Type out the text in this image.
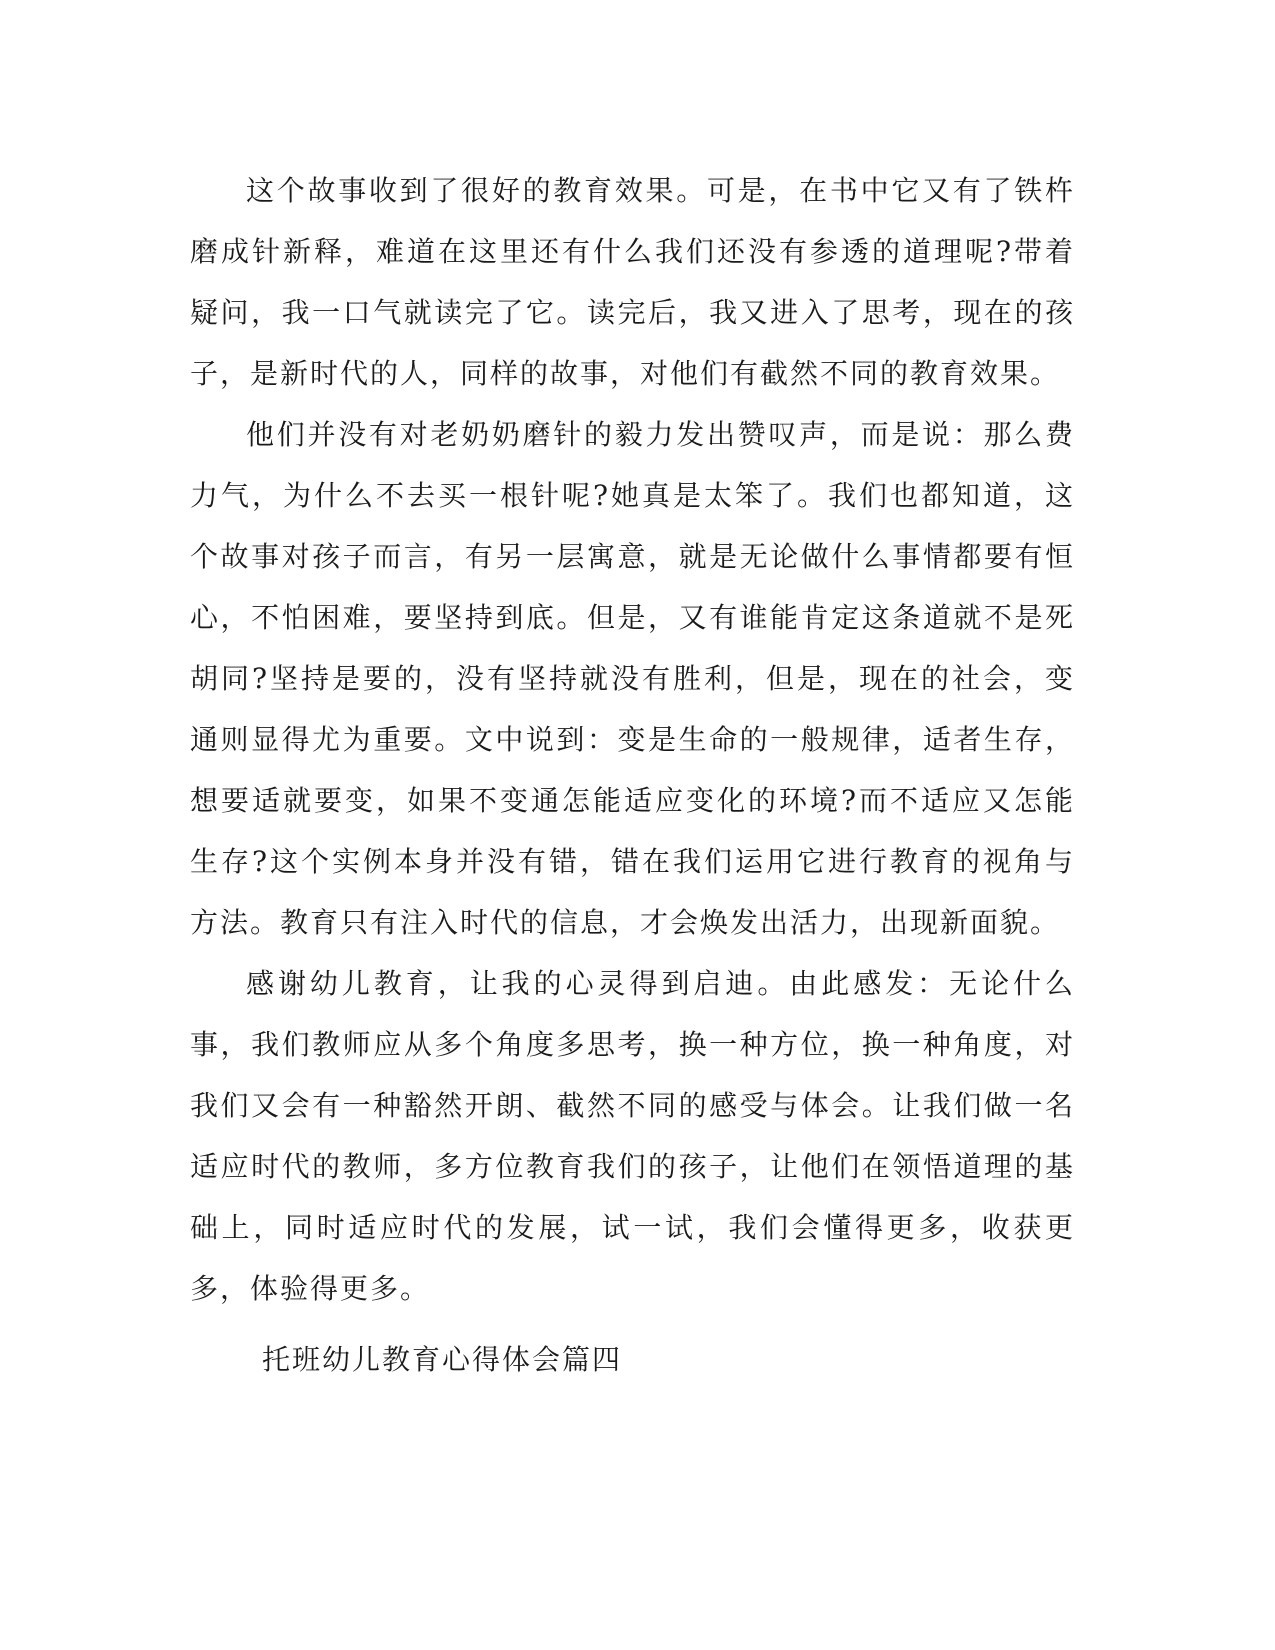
这个故事收到了很好的教育效果。可是，在书中它又有了铁杵磨成针新释，难道在这里还有什么我们还没有参透的道理呢?带着疑问，我一口气就读完了它。读完后，我又进入了思考，现在的孩子，是新时代的人，同样的故事，对他们有截然不同的教育效果。

他们并没有对老奶奶磨针的毅力发出赞叹声，而是说：那么费力气，为什么不去买一根针呢?她真是太笨了。我们也都知道，这个故事对孩子而言，有另一层寓意，就是无论做什么事情都要有恒心，不怕困难，要坚持到底。但是，又有谁能肯定这条道就不是死胡同?坚持是要的，没有坚持就没有胜利，但是，现在的社会，变通则显得尤为重要。文中说到：变是生命的一般规律，适者生存，想要适就要变，如果不变通怎能适应变化的环境?而不适应又怎能生存?这个实例本身并没有错，错在我们运用它进行教育的视角与方法。教育只有注入时代的信息，才会焕发出活力，出现新面貌。

感谢幼儿教育，让我的心灵得到启迪。由此感发：无论什么事，我们教师应从多个角度多思考，换一种方位，换一种角度，对我们又会有一种豁然开朗、截然不同的感受与体会。让我们做一名适应时代的教师，多方位教育我们的孩子，让他们在领悟道理的基础上，同时适应时代的发展，试一试，我们会懂得更多，收获更多，体验得更多。

托班幼儿教育心得体会篇四
